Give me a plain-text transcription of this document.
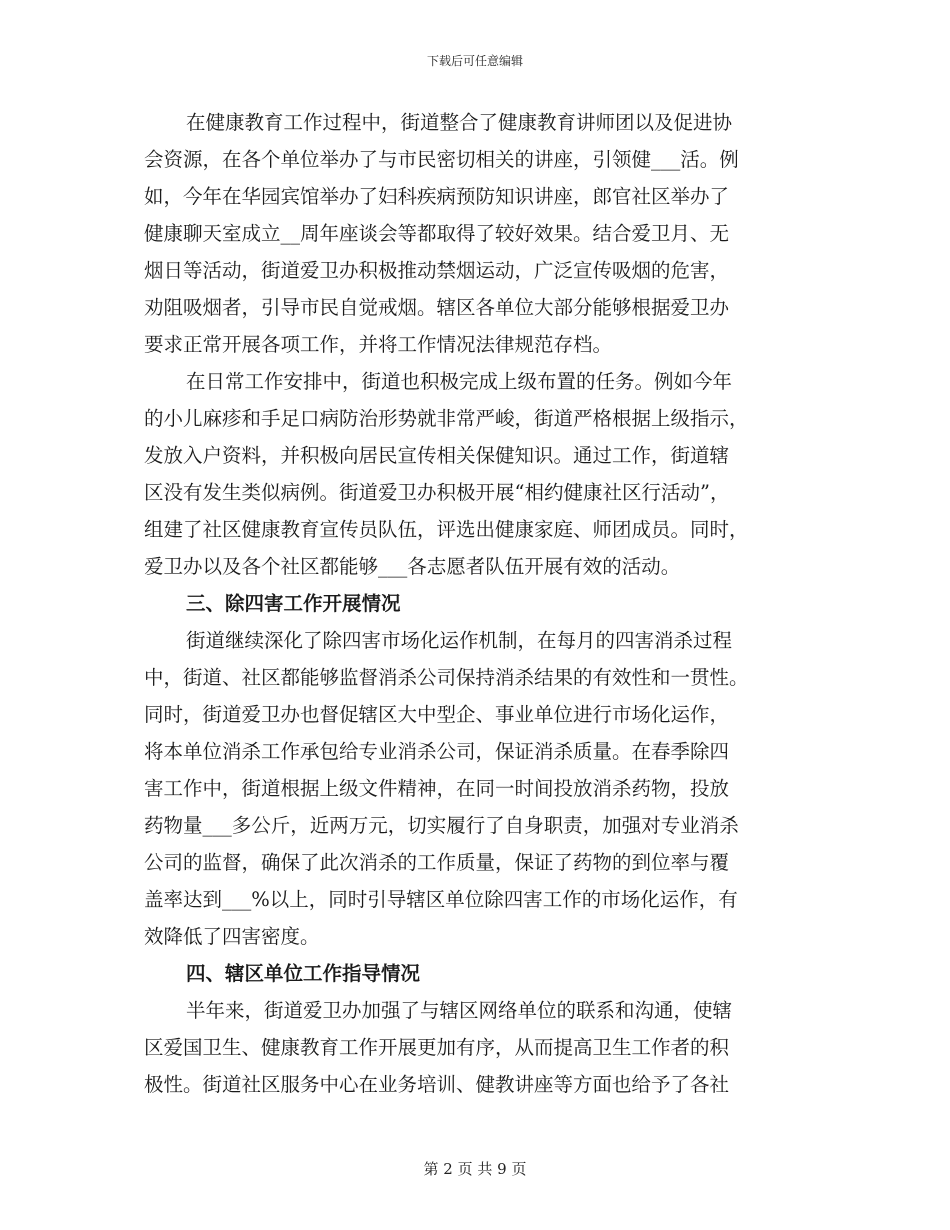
下载后可任意编辑
在健康教育工作过程中，街道整合了健康教育讲师团以及促进协
会资源，在各个单位举办了与市民密切相关的讲座，引领健___活。例
如，今年在华园宾馆举办了妇科疾病预防知识讲座，郎官社区举办了
健康聊天室成立__周年座谈会等都取得了较好效果。结合爱卫月、无
烟日等活动，街道爱卫办积极推动禁烟运动，广泛宣传吸烟的危害，
劝阻吸烟者，引导市民自觉戒烟。辖区各单位大部分能够根据爱卫办
要求正常开展各项工作，并将工作情况法律规范存档。
在日常工作安排中，街道也积极完成上级布置的任务。例如今年
的小儿麻疹和手足口病防治形势就非常严峻，街道严格根据上级指示，
发放入户资料，并积极向居民宣传相关保健知识。通过工作，街道辖
区没有发生类似病例。街道爱卫办积极开展“相约健康社区行活动”，
组建了社区健康教育宣传员队伍，评选出健康家庭、师团成员。同时，
爱卫办以及各个社区都能够___各志愿者队伍开展有效的活动。
三、除四害工作开展情况
街道继续深化了除四害市场化运作机制，在每月的四害消杀过程
中，街道、社区都能够监督消杀公司保持消杀结果的有效性和一贯性。
同时，街道爱卫办也督促辖区大中型企、事业单位进行市场化运作，
将本单位消杀工作承包给专业消杀公司，保证消杀质量。在春季除四
害工作中，街道根据上级文件精神，在同一时间投放消杀药物，投放
药物量___多公斤，近两万元，切实履行了自身职责，加强对专业消杀
公司的监督，确保了此次消杀的工作质量，保证了药物的到位率与覆
盖率达到___%以上，同时引导辖区单位除四害工作的市场化运作，有
效降低了四害密度。
四、辖区单位工作指导情况
半年来，街道爱卫办加强了与辖区网络单位的联系和沟通，使辖
区爱国卫生、健康教育工作开展更加有序，从而提高卫生工作者的积
极性。街道社区服务中心在业务培训、健教讲座等方面也给予了各社
第 2 页 共 9 页
